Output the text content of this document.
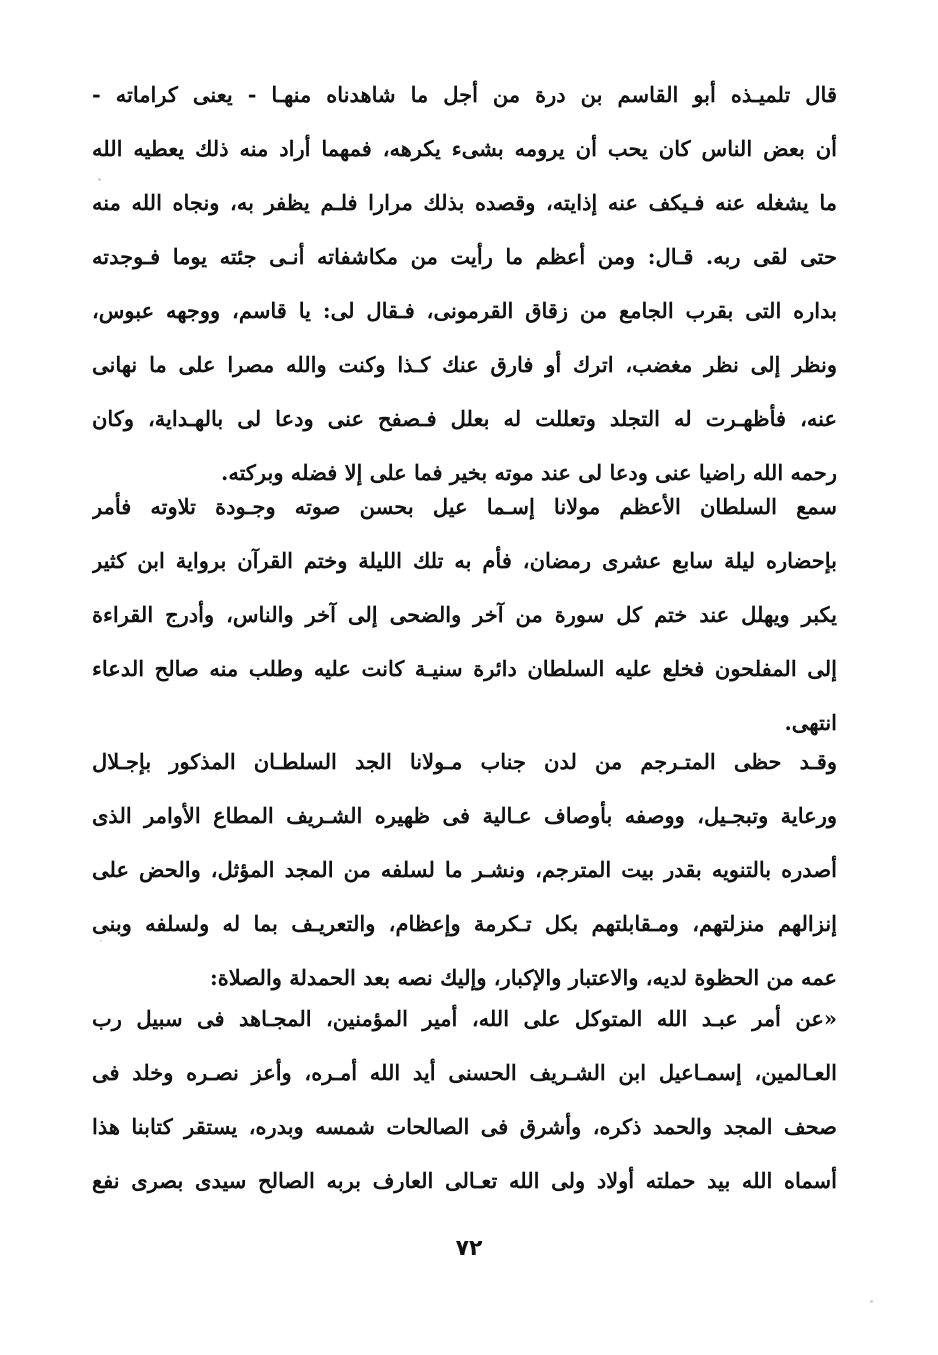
قال تلميـذه أبو القاسم بن درة من أجل ما شاهدناه منهـا - يعنى كراماته -
أن بعض الناس كان يحب أن يرومه بشىء يكرهه، فمهما أراد منه ذلك يعطيه الله
ما يشغله عنه فـيكف عنه إذايته، وقصده بذلك مرارا فلـم يظفر به، ونجاه الله منه
حتى لقى ربه. قـال: ومن أعظم ما رأيت من مكاشفاته أنـى جئته يوما فـوجدته
بداره التى بقرب الجامع من زقاق القرمونى، فـقال لى: يا قاسم، ووجهه عبوس،
ونظر إلى نظر مغضب، اترك أو فارق عنك كـذا وكنت والله مصرا على ما نهانى
عنه، فأظهـرت له التجلد وتعللت له بعلل فـصفح عنى ودعا لى بالهـداية، وكان
رحمه الله راضيا عنى ودعا لى عند موته بخير فما على إلا فضله وبركته.
سمع السلطان الأعظم مولانا إسـما عيل بحسن صوته وجـودة تلاوته فأمر
بإحضاره ليلة سابع عشرى رمضان، فأم به تلك الليلة وختم القرآن برواية ابن كثير
يكبر ويهلل عند ختم كل سورة من آخر والضحى إلى آخر والناس، وأدرج القراءة
إلى المفلحون فخلع عليه السلطان دائرة سنيـة كانت عليه وطلب منه صالح الدعاء
انتهى.
وقـد حظى المتـرجم من لدن جناب مـولانا الجد السلطـان المذكور بإجـلال
ورعاية وتبجـيل، ووصفه بأوصاف عـالية فى ظهيره الشـريف المطاع الأوامر الذى
أصدره بالتنويه بقدر بيت المترجم، ونشـر ما لسلفه من المجد المؤثل، والحض على
إنزالهم منزلتهم، ومـقابلتهم بكل تـكرمة وإعظام، والتعريـف بما له ولسلفه وبنى
عمه من الحظوة لديه، والاعتبار والإكبار، وإليك نصه بعد الحمدلة والصلاة:
«عن أمر عبـد الله المتوكل على الله، أمير المؤمنين، المجـاهد فى سبيل رب
العـالمين، إسمـاعيل ابن الشـريف الحسنى أيد الله أمـره، وأعز نصـره وخلد فى
صحف المجد والحمد ذكره، وأشرق فى الصالحات شمسه وبدره، يستقر كتابنا هذا
أسماه الله بيد حملته أولاد ولى الله تعـالى العارف بربه الصالح سيدى بصرى نفع
٧٢
